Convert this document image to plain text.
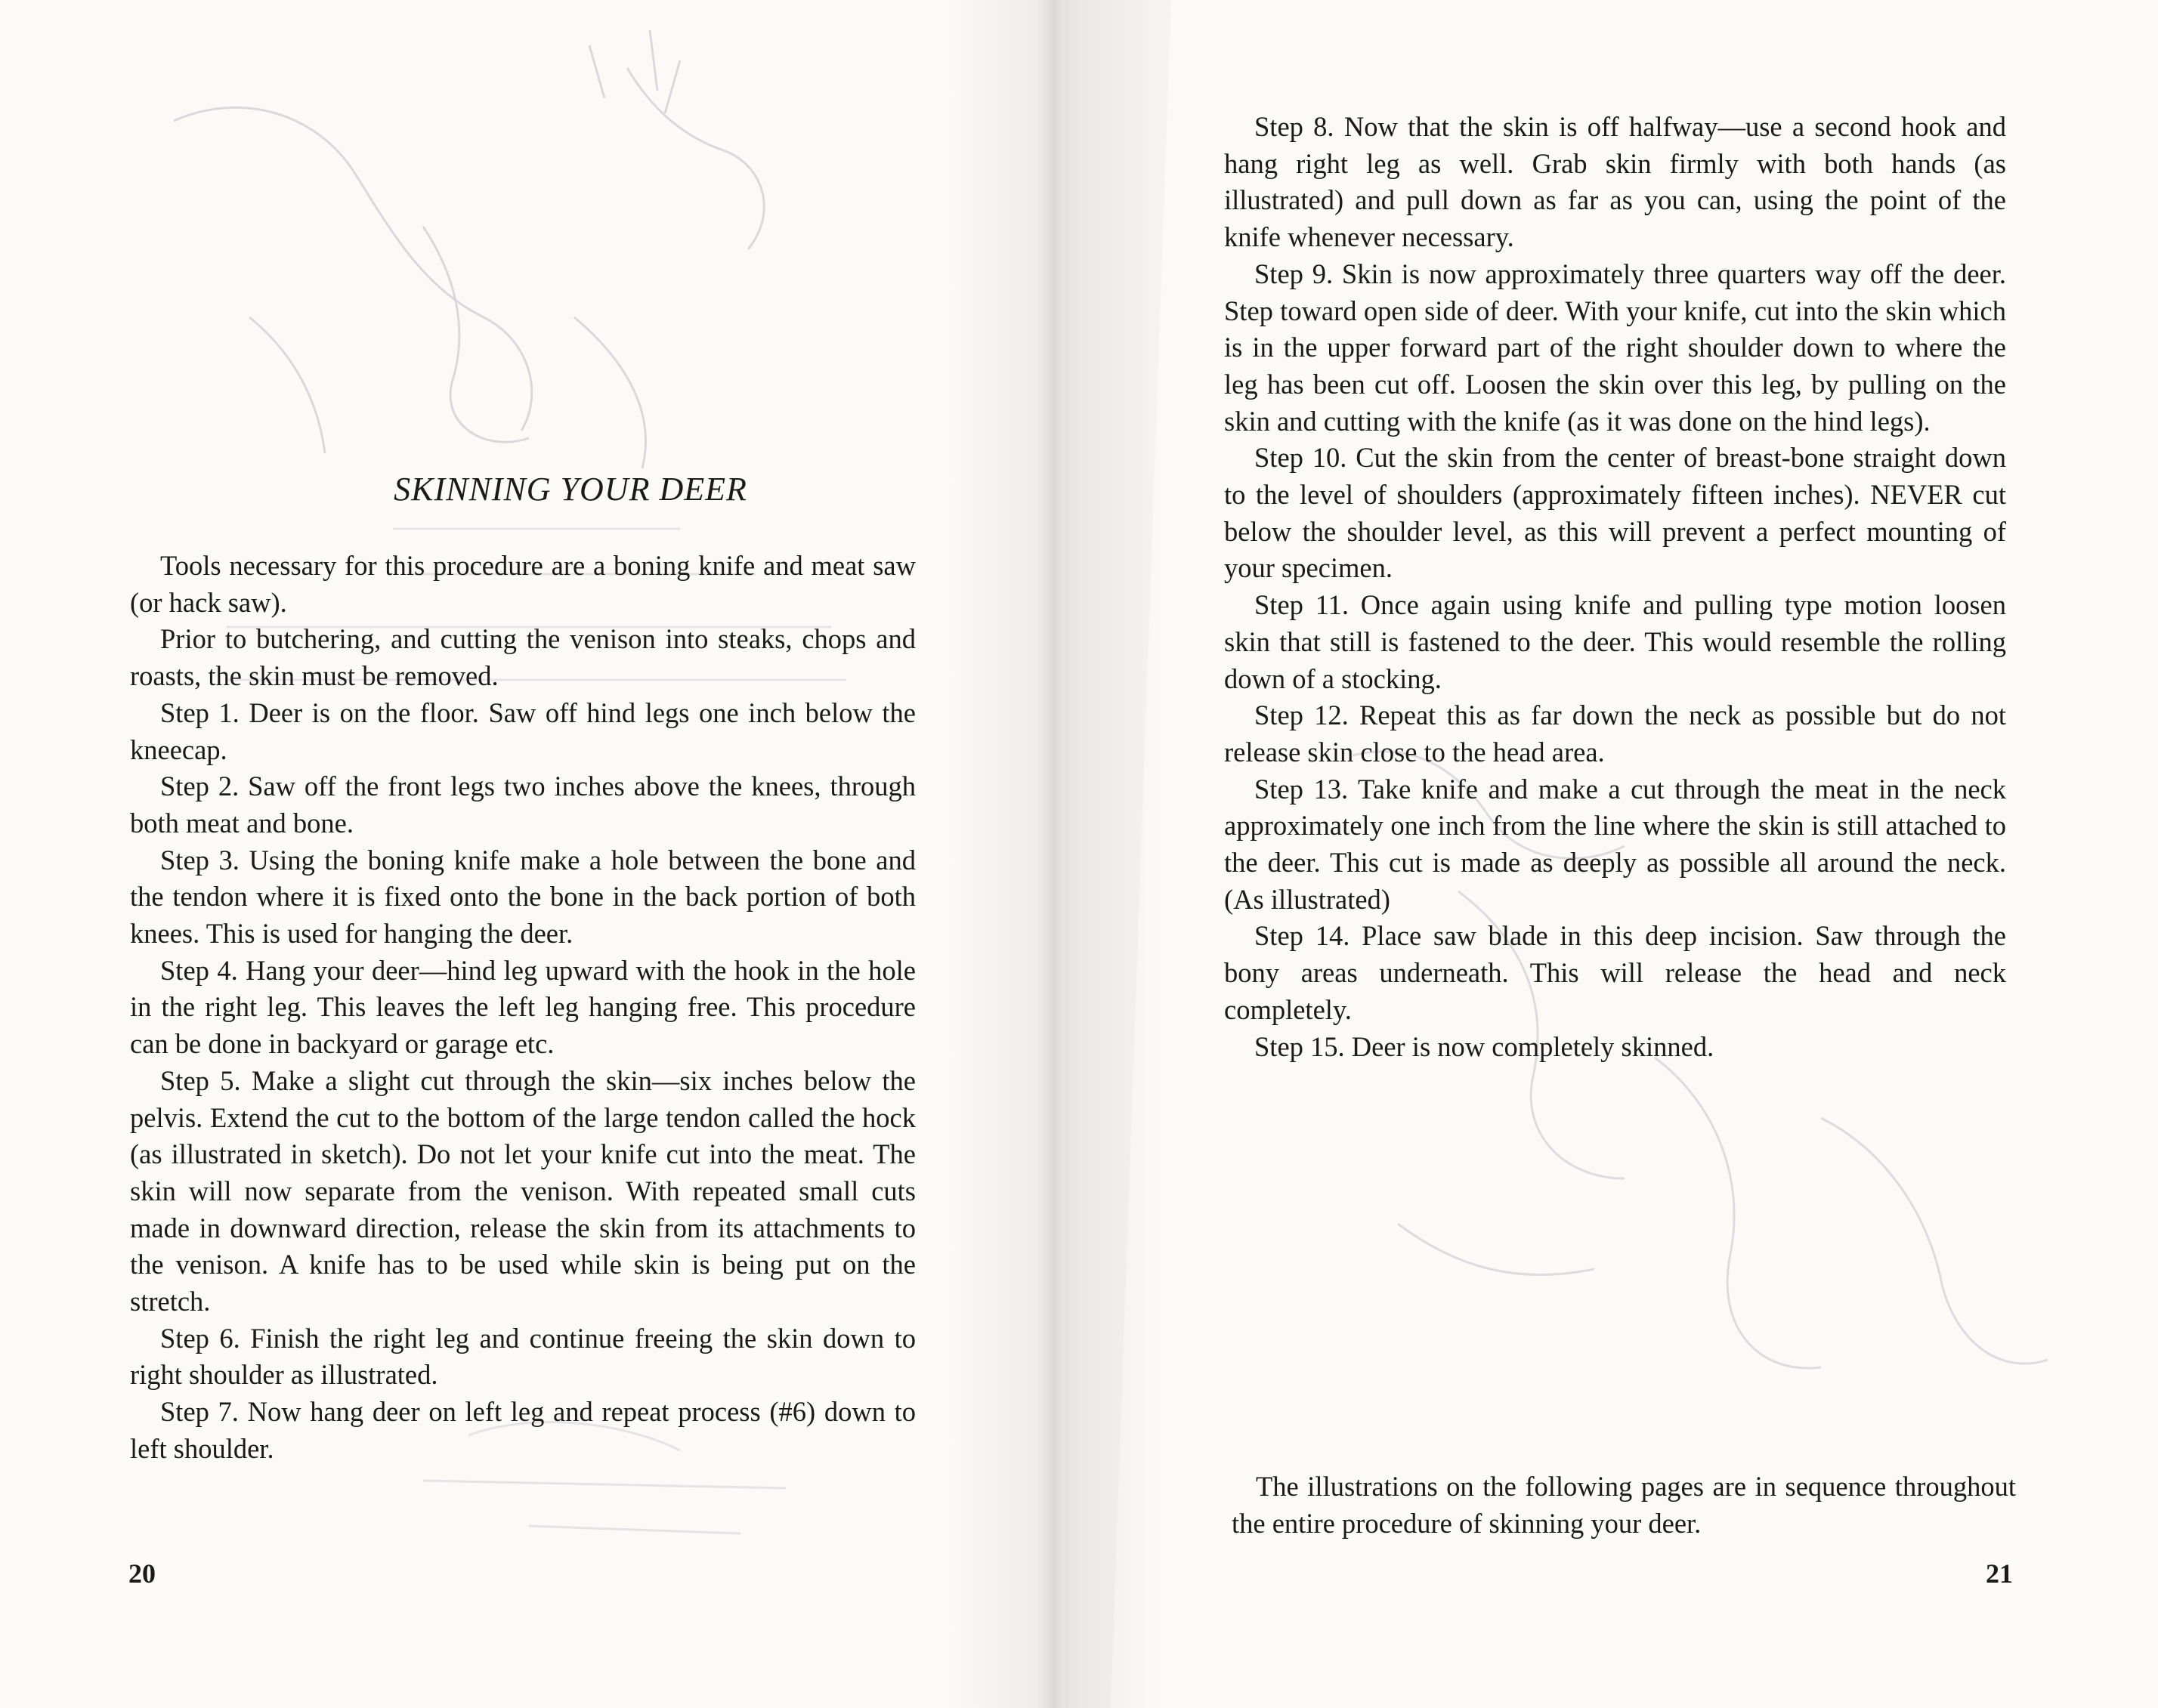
SKINNING YOUR DEER

Tools necessary for this procedure are a boning knife and meat saw (or hack saw).

Prior to butchering, and cutting the venison into steaks, chops and roasts, the skin must be removed.

Step 1. Deer is on the floor. Saw off hind legs one inch below the kneecap.

Step 2. Saw off the front legs two inches above the knees, through both meat and bone.

Step 3. Using the boning knife make a hole between the bone and the tendon where it is fixed onto the bone in the back portion of both knees. This is used for hanging the deer.

Step 4. Hang your deer—hind leg upward with the hook in the hole in the right leg. This leaves the left leg hanging free. This procedure can be done in backyard or garage etc.

Step 5. Make a slight cut through the skin—six inches below the pelvis. Extend the cut to the bottom of the large tendon called the hock (as illustrated in sketch). Do not let your knife cut into the meat. The skin will now separate from the venison. With repeated small cuts made in downward direction, release the skin from its attachments to the venison. A knife has to be used while skin is being put on the stretch.

Step 6. Finish the right leg and continue freeing the skin down to right shoulder as illustrated.

Step 7. Now hang deer on left leg and repeat process (#6) down to left shoulder.

20

Step 8. Now that the skin is off halfway—use a second hook and hang right leg as well. Grab skin firmly with both hands (as illustrated) and pull down as far as you can, using the point of the knife whenever necessary.

Step 9. Skin is now approximately three quarters way off the deer. Step toward open side of deer. With your knife, cut into the skin which is in the upper forward part of the right shoulder down to where the leg has been cut off. Loosen the skin over this leg, by pulling on the skin and cutting with the knife (as it was done on the hind legs).

Step 10. Cut the skin from the center of breast-bone straight down to the level of shoulders (approximately fifteen inches). NEVER cut below the shoulder level, as this will prevent a perfect mounting of your specimen.

Step 11. Once again using knife and pulling type motion loosen skin that still is fastened to the deer. This would resemble the rolling down of a stocking.

Step 12. Repeat this as far down the neck as possible but do not release skin close to the head area.

Step 13. Take knife and make a cut through the meat in the neck approximately one inch from the line where the skin is still attached to the deer. This cut is made as deeply as possible all around the neck. (As illustrated)

Step 14. Place saw blade in this deep incision. Saw through the bony areas underneath. This will release the head and neck completely.

Step 15. Deer is now completely skinned.

The illustrations on the following pages are in sequence throughout the entire procedure of skinning your deer.

21
